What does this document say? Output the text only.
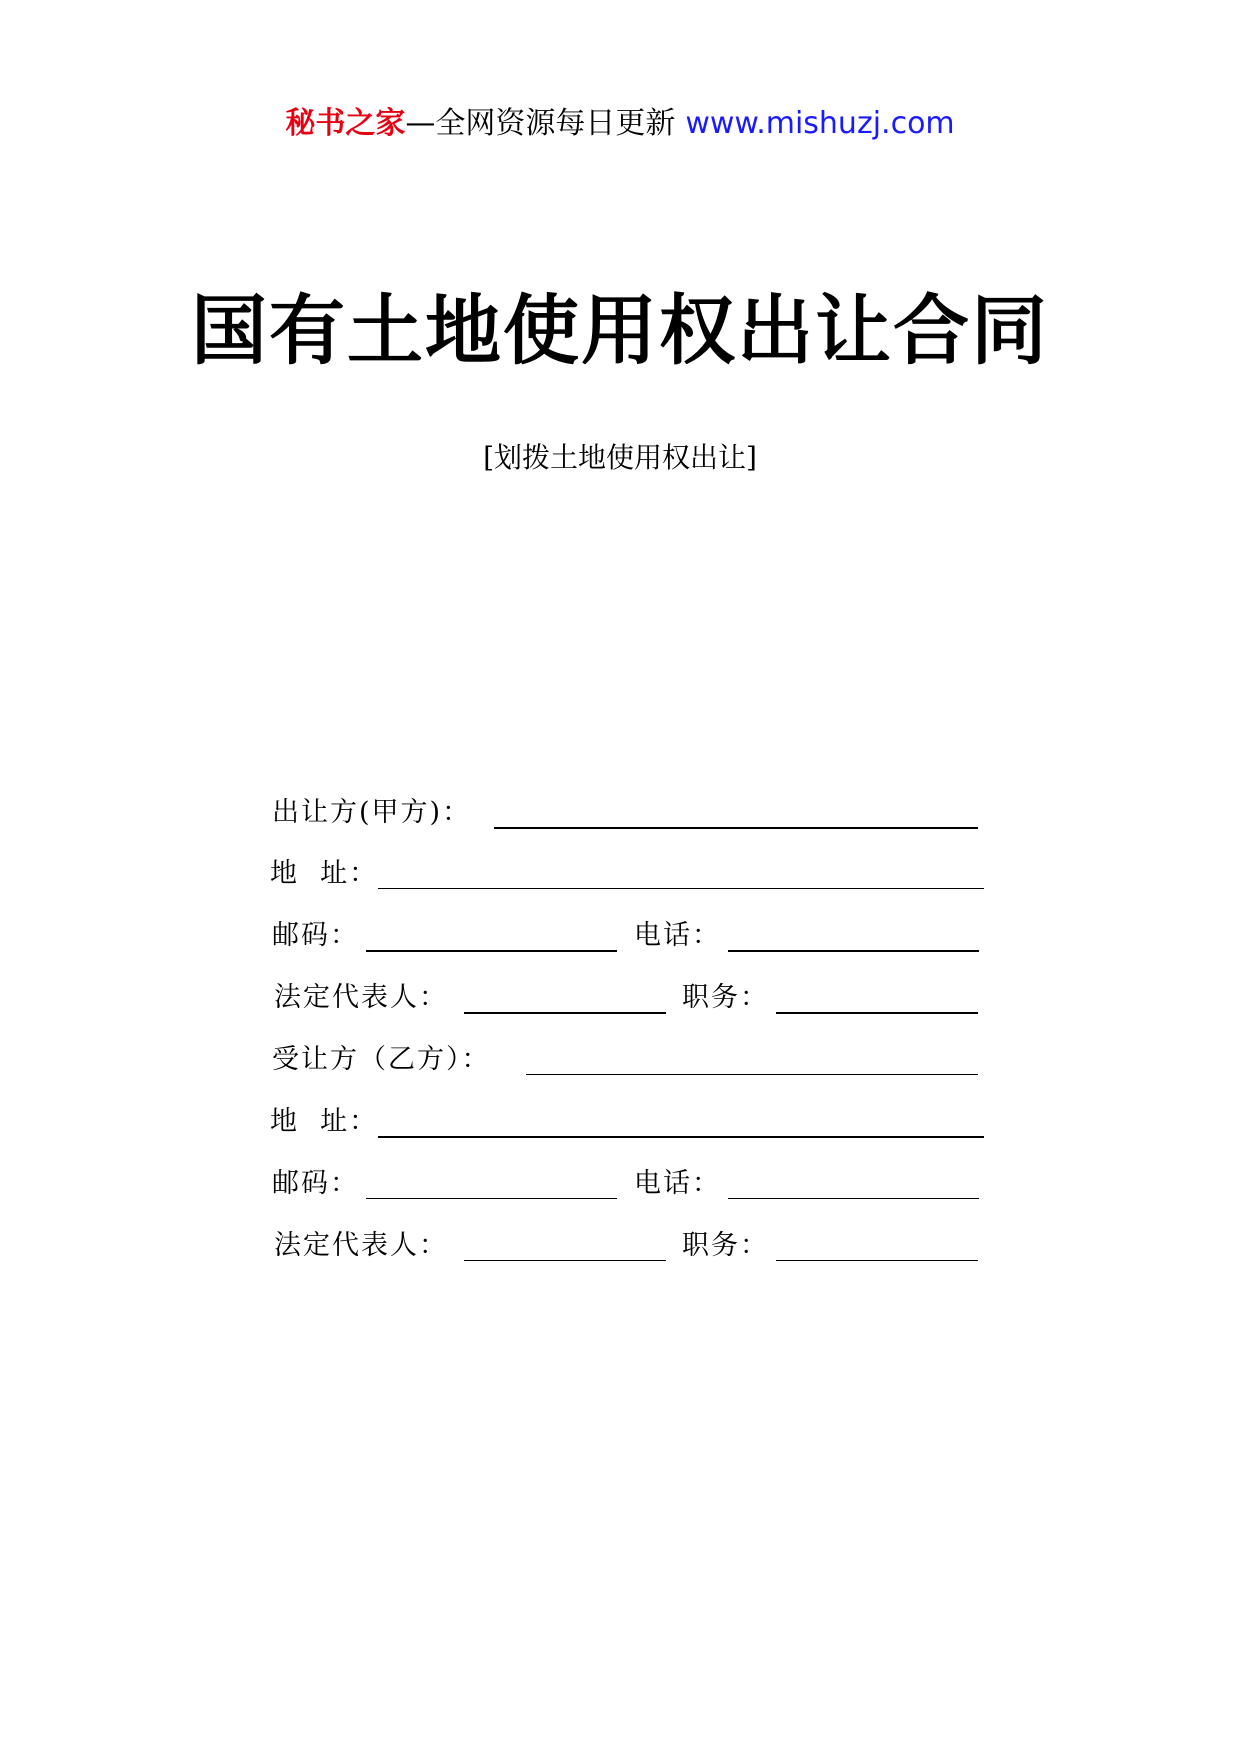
秘书之家—全网资源每日更新 www.mishuzj.com
国有土地使用权出让合同
[划拨土地使用权出让]
出让方(甲方)：
地  址：
邮码：	电话：
法定代表人：	职务：
受让方（乙方）：
地  址：
邮码：	电话：
法定代表人：	职务：
